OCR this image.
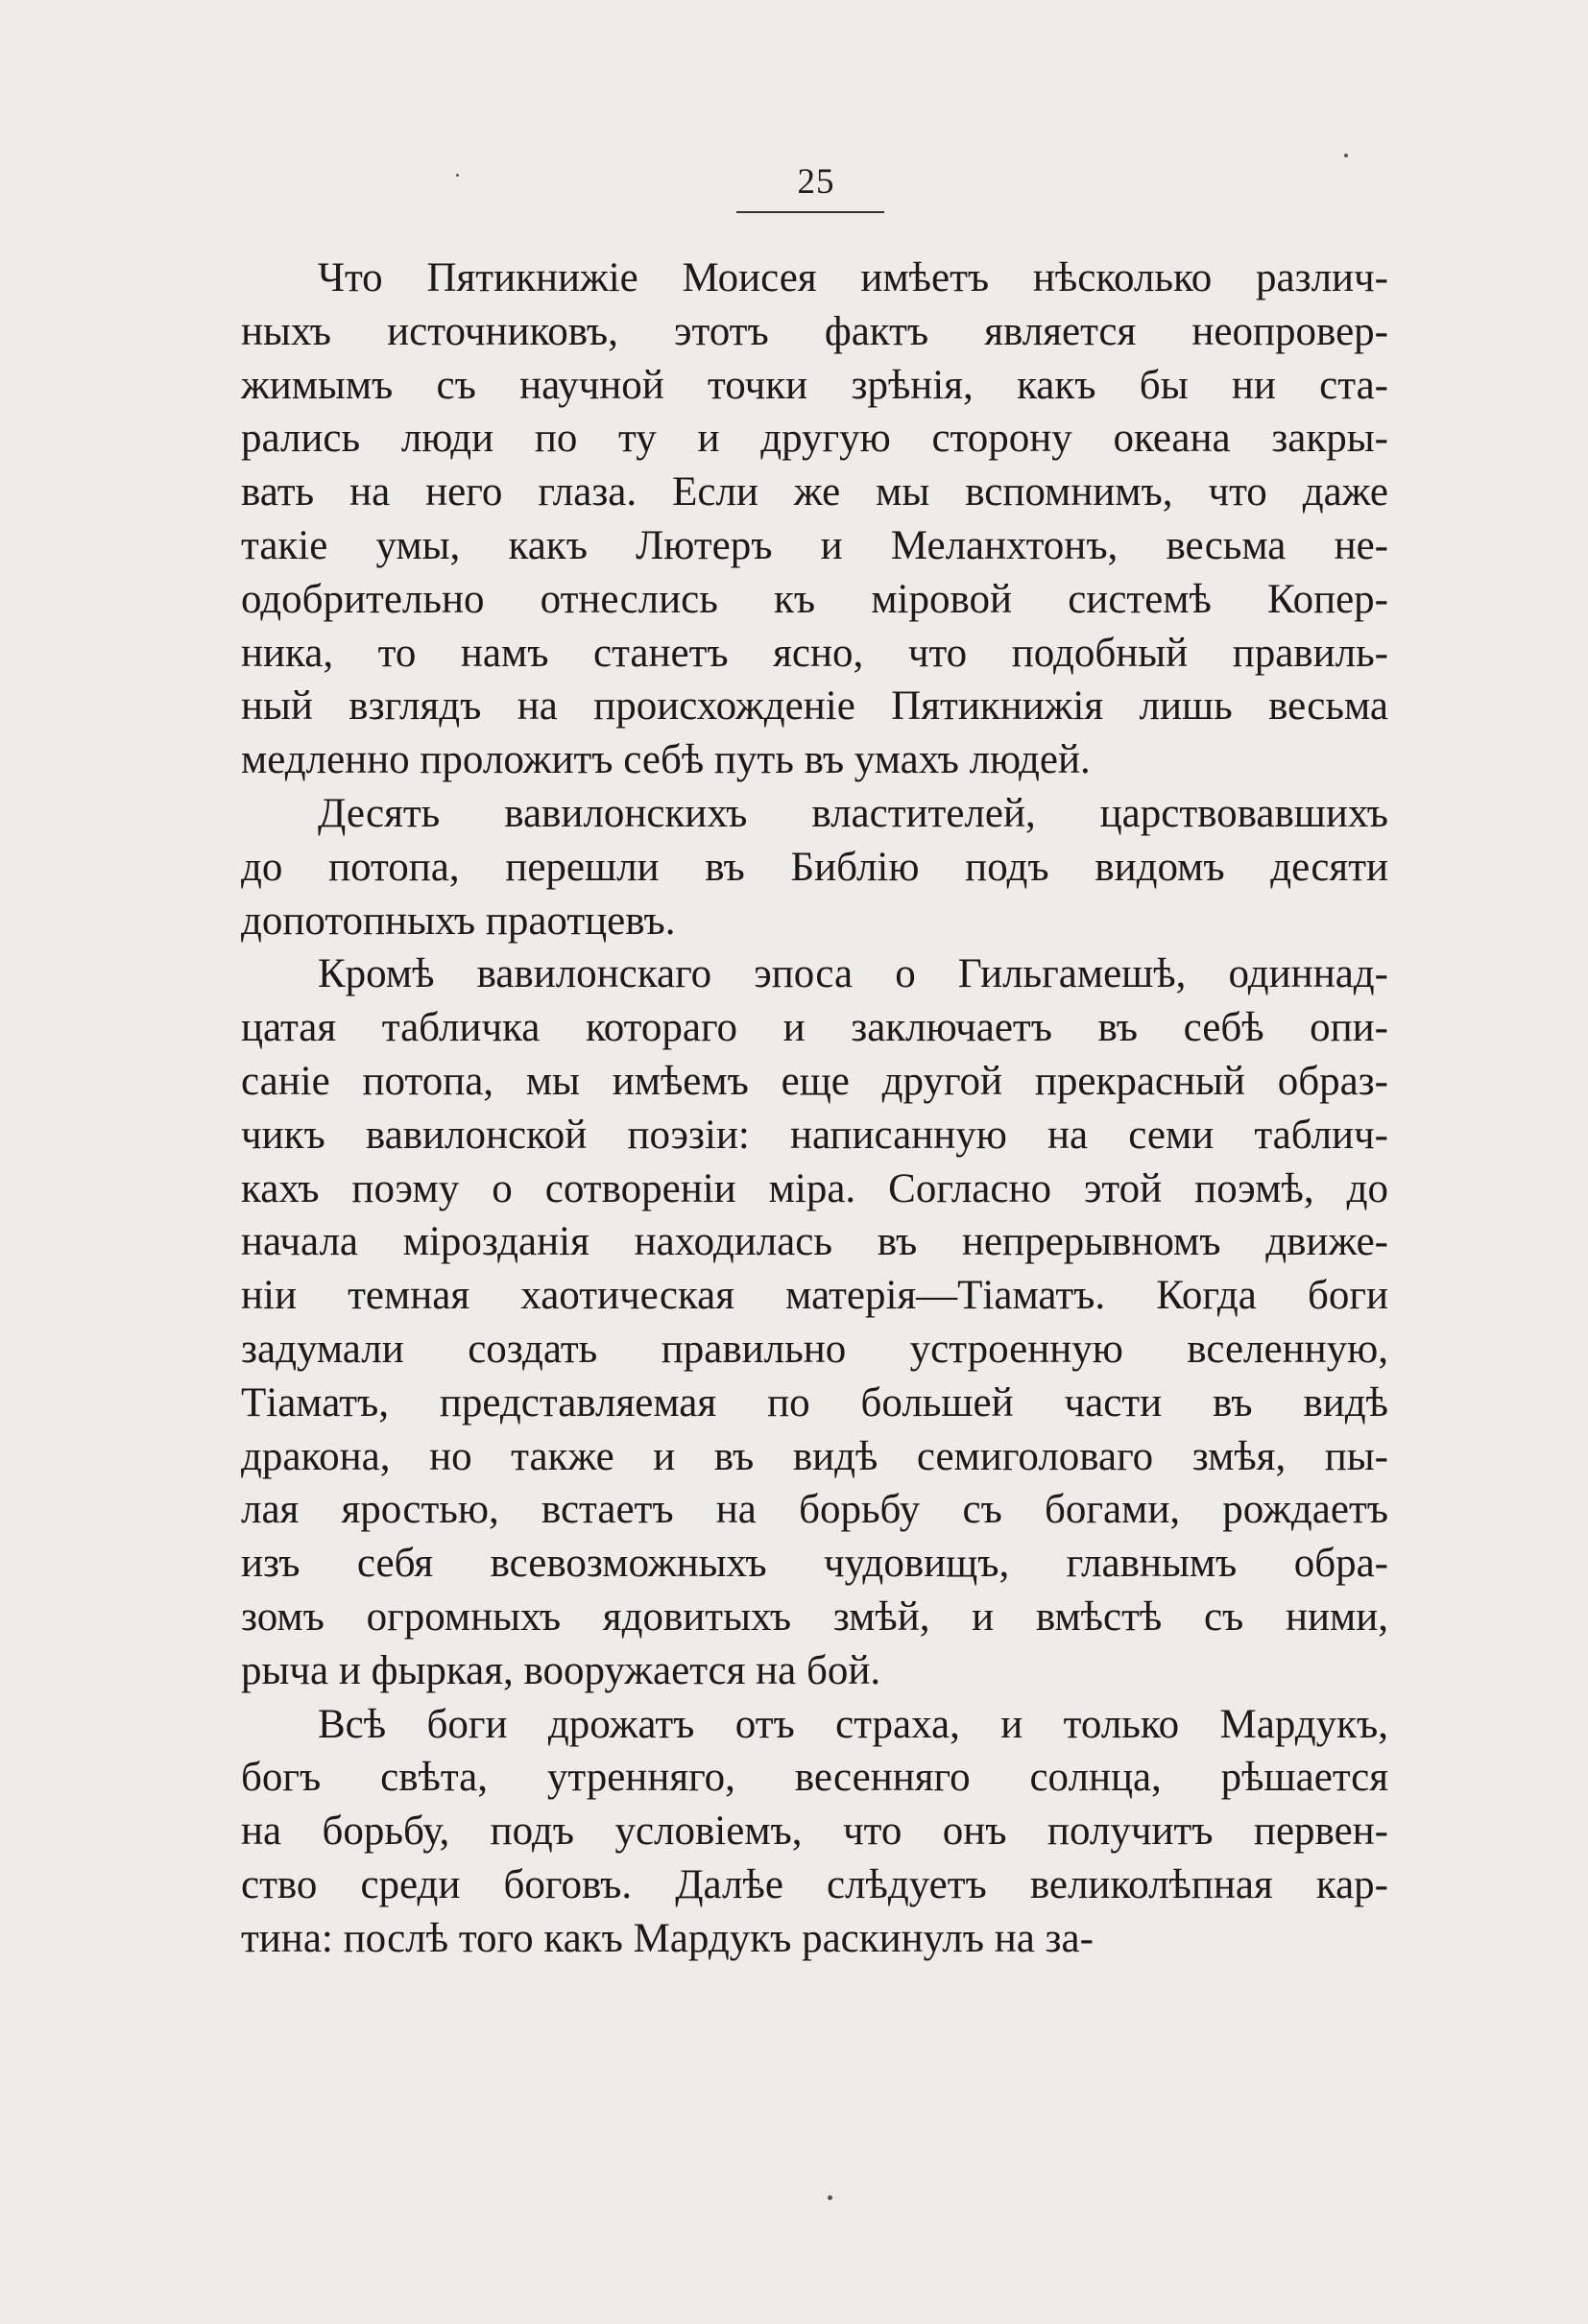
25
Что Пятикнижіе Моисея имѣетъ нѣсколько различ-
ныхъ источниковъ, этотъ фактъ является неопровер-
жимымъ съ научной точки зрѣнія, какъ бы ни ста-
рались люди по ту и другую сторону океана закры-
вать на него глаза. Если же мы вспомнимъ, что даже
такіе умы, какъ Лютеръ и Меланхтонъ, весьма не-
одобрительно отнеслись къ міровой системѣ Копер-
ника, то намъ станетъ ясно, что подобный правиль-
ный взглядъ на происхожденіе Пятикнижія лишь весьма
медленно проложитъ себѣ путь въ умахъ людей.
Десять вавилонскихъ властителей, царствовавшихъ
до потопа, перешли въ Библію подъ видомъ десяти
допотопныхъ праотцевъ.
Кромѣ вавилонскаго эпоса о Гильгамешѣ, одиннад-
цатая табличка котораго и заключаетъ въ себѣ опи-
саніе потопа, мы имѣемъ еще другой прекрасный образ-
чикъ вавилонской поэзіи: написанную на семи таблич-
кахъ поэму о сотвореніи міра. Согласно этой поэмѣ, до
начала мірозданія находилась въ непрерывномъ движе-
ніи темная хаотическая матерія—Тіаматъ. Когда боги
задумали создать правильно устроенную вселенную,
Тіаматъ, представляемая по большей части въ видѣ
дракона, но также и въ видѣ семиголоваго змѣя, пы-
лая яростью, встаетъ на борьбу съ богами, рождаетъ
изъ себя всевозможныхъ чудовищъ, главнымъ обра-
зомъ огромныхъ ядовитыхъ змѣй, и вмѣстѣ съ ними,
рыча и фыркая, вооружается на бой.
Всѣ боги дрожатъ отъ страха, и только Мардукъ,
богъ свѣта, утренняго, весенняго солнца, рѣшается
на борьбу, подъ условіемъ, что онъ получитъ первен-
ство среди боговъ. Далѣе слѣдуетъ великолѣпная кар-
тина: послѣ того какъ Мардукъ раскинулъ на за-
